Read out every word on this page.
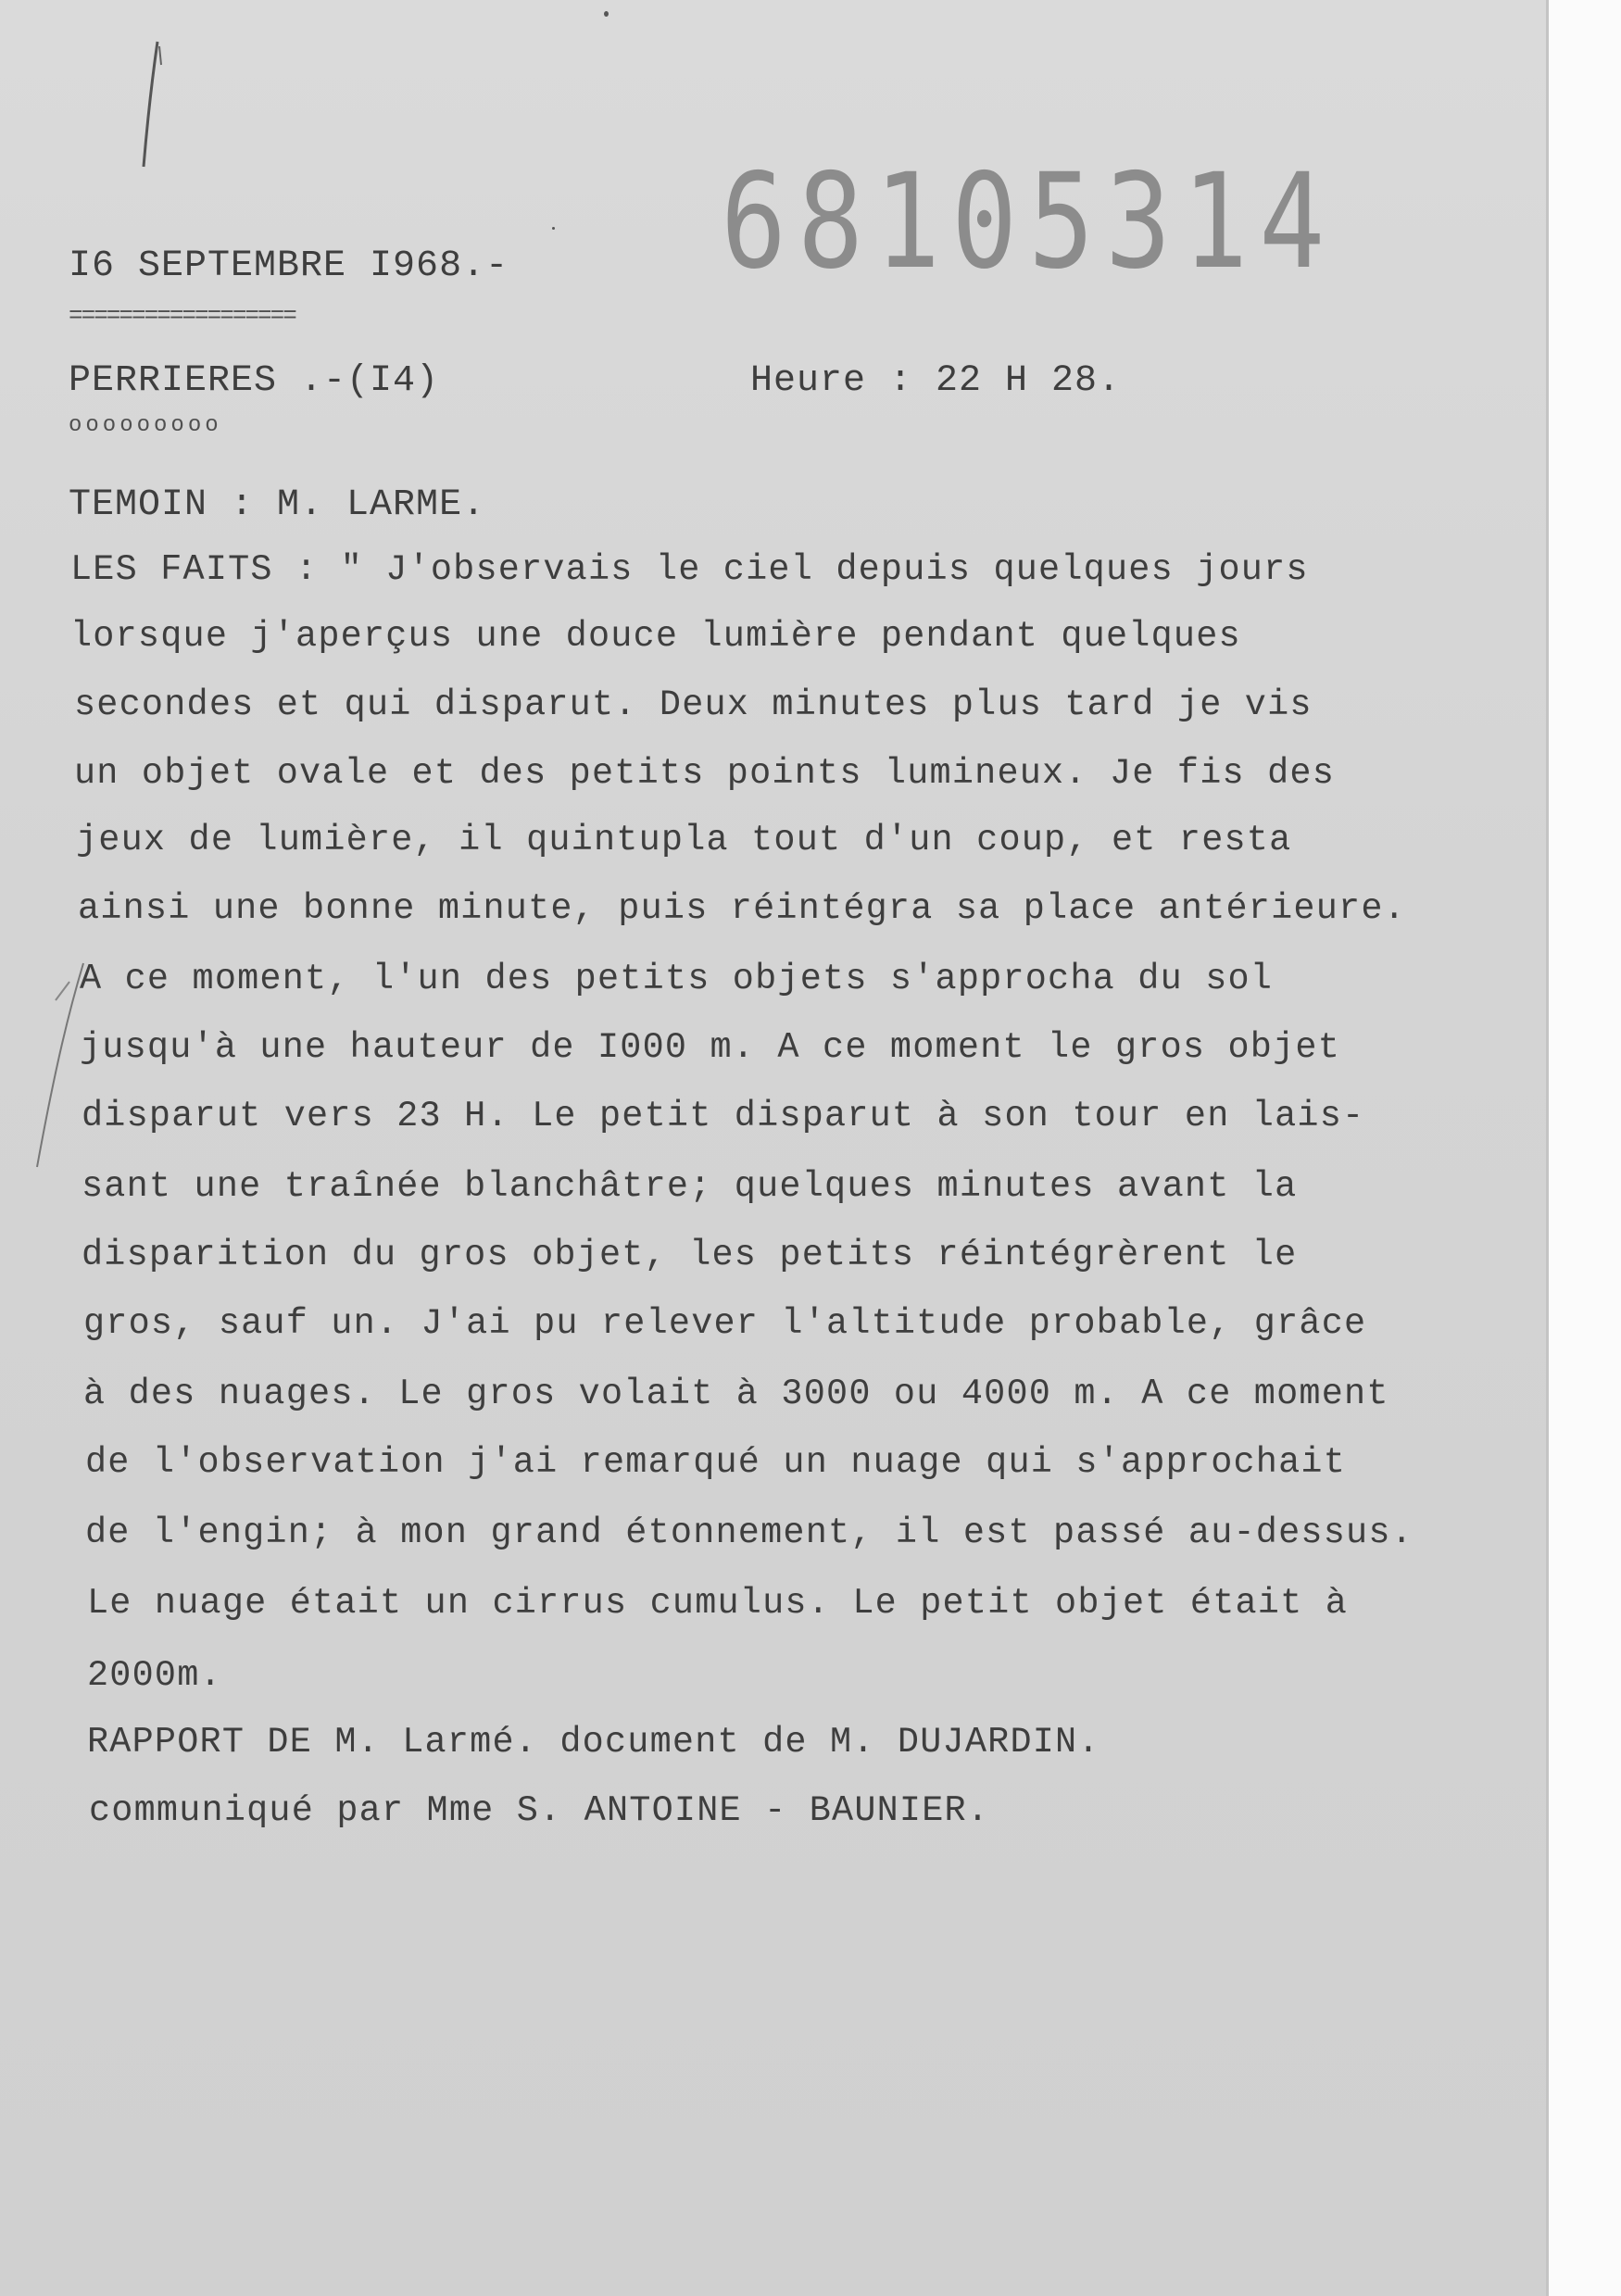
68105314
I6 SEPTEMBRE I968.-
==================
PERRIERES .-(I4)
ooooooooo
Heure : 22 H 28.
TEMOIN : M. LARME.
LES FAITS : " J'observais le ciel depuis quelques jours
lorsque j'aperçus une douce lumière pendant quelques
secondes et qui disparut. Deux minutes plus tard je vis
un objet ovale et des petits points lumineux. Je fis des
jeux de lumière, il quintupla tout d'un coup, et resta
ainsi une bonne minute, puis réintégra sa place antérieure.
A ce moment, l'un des petits objets s'approcha du sol
jusqu'à une hauteur de I000 m. A ce moment le gros objet
disparut vers 23 H. Le petit disparut à son tour en lais-
sant une traînée blanchâtre; quelques minutes avant la
disparition du gros objet, les petits réintégrèrent le
gros, sauf un. J'ai pu relever l'altitude probable, grâce
à des nuages. Le gros volait à 3000 ou 4000 m. A ce moment
de l'observation j'ai remarqué un nuage qui s'approchait
de l'engin; à mon grand étonnement, il est passé au-dessus.
Le nuage était un cirrus cumulus. Le petit objet était à
2000m.
RAPPORT DE M. Larmé. document de M. DUJARDIN.
communiqué par Mme S. ANTOINE - BAUNIER.
